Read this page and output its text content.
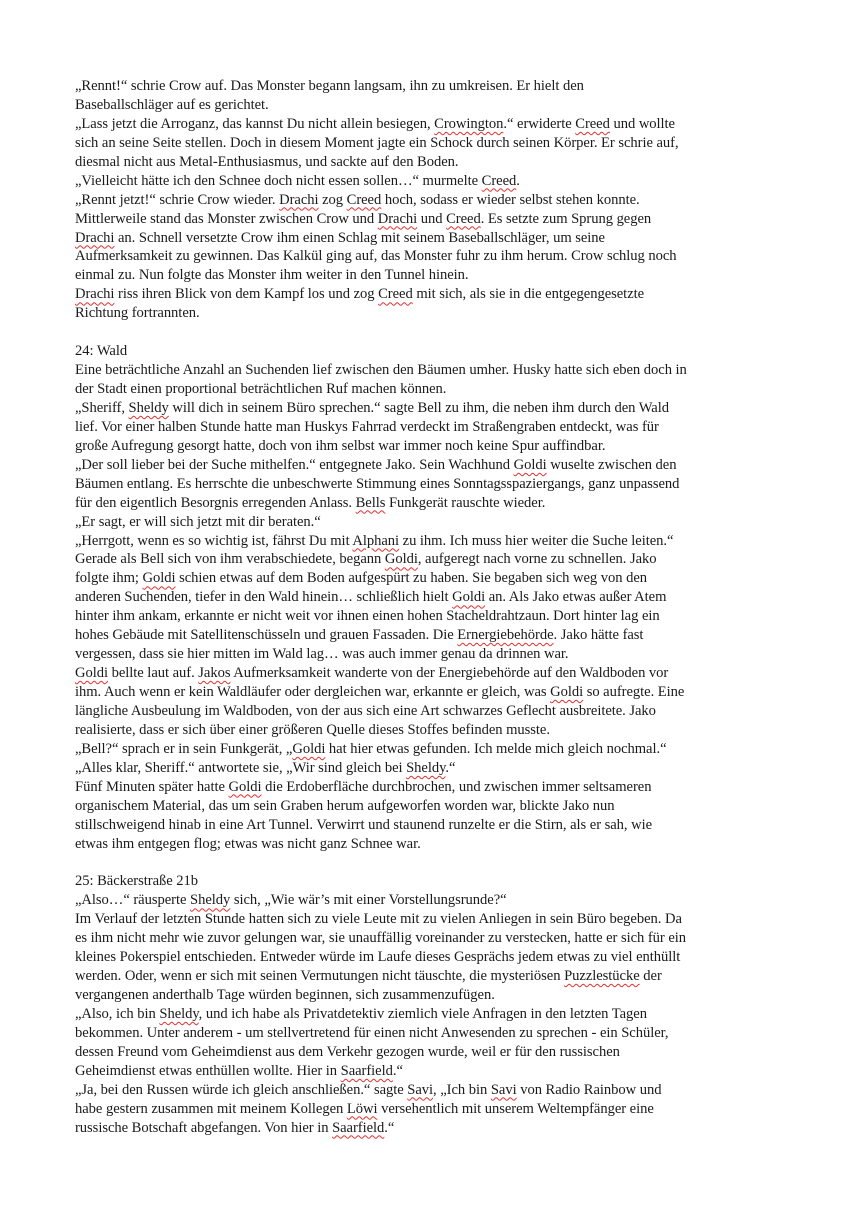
„Rennt!“ schrie Crow auf. Das Monster begann langsam, ihn zu umkreisen. Er hielt den
Baseballschläger auf es gerichtet.
„Lass jetzt die Arroganz, das kannst Du nicht allein besiegen, Crowington.“ erwiderte Creed und wollte
sich an seine Seite stellen. Doch in diesem Moment jagte ein Schock durch seinen Körper. Er schrie auf,
diesmal nicht aus Metal-Enthusiasmus, und sackte auf den Boden.
„Vielleicht hätte ich den Schnee doch nicht essen sollen…“ murmelte Creed.
„Rennt jetzt!“ schrie Crow wieder. Drachi zog Creed hoch, sodass er wieder selbst stehen konnte.
Mittlerweile stand das Monster zwischen Crow und Drachi und Creed. Es setzte zum Sprung gegen
Drachi an. Schnell versetzte Crow ihm einen Schlag mit seinem Baseballschläger, um seine
Aufmerksamkeit zu gewinnen. Das Kalkül ging auf, das Monster fuhr zu ihm herum. Crow schlug noch
einmal zu. Nun folgte das Monster ihm weiter in den Tunnel hinein.
Drachi riss ihren Blick von dem Kampf los und zog Creed mit sich, als sie in die entgegengesetzte
Richtung fortrannten.
24: Wald
Eine beträchtliche Anzahl an Suchenden lief zwischen den Bäumen umher. Husky hatte sich eben doch in
der Stadt einen proportional beträchtlichen Ruf machen können.
„Sheriff, Sheldy will dich in seinem Büro sprechen.“ sagte Bell zu ihm, die neben ihm durch den Wald
lief. Vor einer halben Stunde hatte man Huskys Fahrrad verdeckt im Straßengraben entdeckt, was für
große Aufregung gesorgt hatte, doch von ihm selbst war immer noch keine Spur auffindbar.
„Der soll lieber bei der Suche mithelfen.“ entgegnete Jako. Sein Wachhund Goldi wuselte zwischen den
Bäumen entlang. Es herrschte die unbeschwerte Stimmung eines Sonntagsspaziergangs, ganz unpassend
für den eigentlich Besorgnis erregenden Anlass. Bells Funkgerät rauschte wieder.
„Er sagt, er will sich jetzt mit dir beraten.“
„Herrgott, wenn es so wichtig ist, fährst Du mit Alphani zu ihm. Ich muss hier weiter die Suche leiten.“
Gerade als Bell sich von ihm verabschiedete, begann Goldi, aufgeregt nach vorne zu schnellen. Jako
folgte ihm; Goldi schien etwas auf dem Boden aufgespürt zu haben. Sie begaben sich weg von den
anderen Suchenden, tiefer in den Wald hinein… schließlich hielt Goldi an. Als Jako etwas außer Atem
hinter ihm ankam, erkannte er nicht weit vor ihnen einen hohen Stacheldrahtzaun. Dort hinter lag ein
hohes Gebäude mit Satellitenschüsseln und grauen Fassaden. Die Ernergiebehörde. Jako hätte fast
vergessen, dass sie hier mitten im Wald lag… was auch immer genau da drinnen war.
Goldi bellte laut auf. Jakos Aufmerksamkeit wanderte von der Energiebehörde auf den Waldboden vor
ihm. Auch wenn er kein Waldläufer oder dergleichen war, erkannte er gleich, was Goldi so aufregte. Eine
längliche Ausbeulung im Waldboden, von der aus sich eine Art schwarzes Geflecht ausbreitete. Jako
realisierte, dass er sich über einer größeren Quelle dieses Stoffes befinden musste.
„Bell?“ sprach er in sein Funkgerät, „Goldi hat hier etwas gefunden. Ich melde mich gleich nochmal.“
„Alles klar, Sheriff.“ antwortete sie, „Wir sind gleich bei Sheldy.“
Fünf Minuten später hatte Goldi die Erdoberfläche durchbrochen, und zwischen immer seltsameren
organischem Material, das um sein Graben herum aufgeworfen worden war, blickte Jako nun
stillschweigend hinab in eine Art Tunnel. Verwirrt und staunend runzelte er die Stirn, als er sah, wie
etwas ihm entgegen flog; etwas was nicht ganz Schnee war.
25: Bäckerstraße 21b
„Also…“ räusperte Sheldy sich, „Wie wär’s mit einer Vorstellungsrunde?“
Im Verlauf der letzten Stunde hatten sich zu viele Leute mit zu vielen Anliegen in sein Büro begeben. Da
es ihm nicht mehr wie zuvor gelungen war, sie unauffällig voreinander zu verstecken, hatte er sich für ein
kleines Pokerspiel entschieden. Entweder würde im Laufe dieses Gesprächs jedem etwas zu viel enthüllt
werden. Oder, wenn er sich mit seinen Vermutungen nicht täuschte, die mysteriösen Puzzlestücke der
vergangenen anderthalb Tage würden beginnen, sich zusammenzufügen.
„Also, ich bin Sheldy, und ich habe als Privatdetektiv ziemlich viele Anfragen in den letzten Tagen
bekommen. Unter anderem - um stellvertretend für einen nicht Anwesenden zu sprechen - ein Schüler,
dessen Freund vom Geheimdienst aus dem Verkehr gezogen wurde, weil er für den russischen
Geheimdienst etwas enthüllen wollte. Hier in Saarfield.“
„Ja, bei den Russen würde ich gleich anschließen.“ sagte Savi, „Ich bin Savi von Radio Rainbow und
habe gestern zusammen mit meinem Kollegen Löwi versehentlich mit unserem Weltempfänger eine
russische Botschaft abgefangen. Von hier in Saarfield.“
